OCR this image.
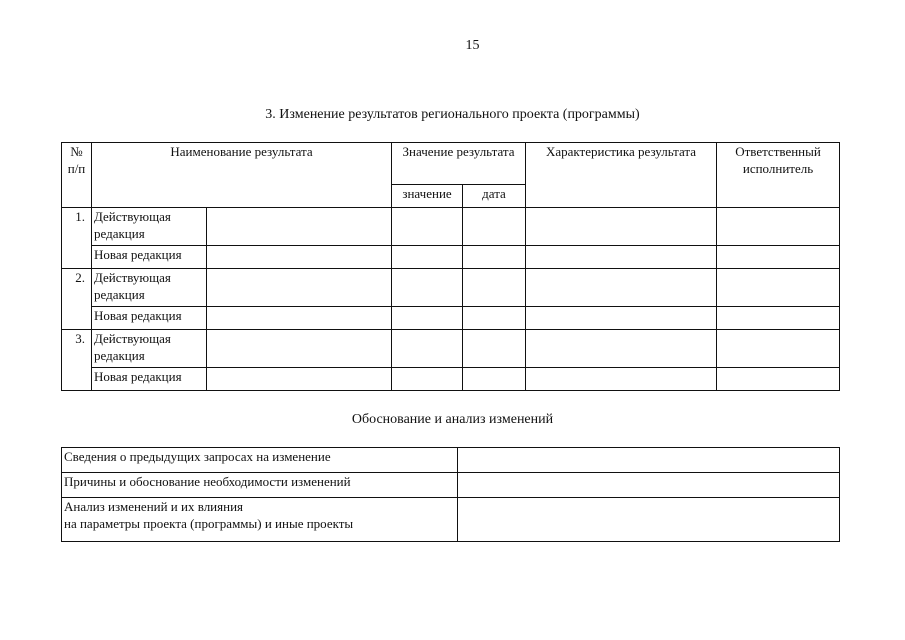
15
3. Изменение результатов регионального проекта (программы)
№ п/п	Наименование результата		Значение результата		Характеристика результата	Ответственный исполнитель
			значение	дата		
1.	Действующая редакция					
	Новая редакция					
2.	Действующая редакция					
	Новая редакция					
3.	Действующая редакция					
	Новая редакция					
Обоснование и анализ изменений
Сведения о предыдущих запросах на изменение	
Причины и обоснование необходимости изменений	

Анализ изменений и их влияния
на параметры проекта (программы) и иные проекты	
